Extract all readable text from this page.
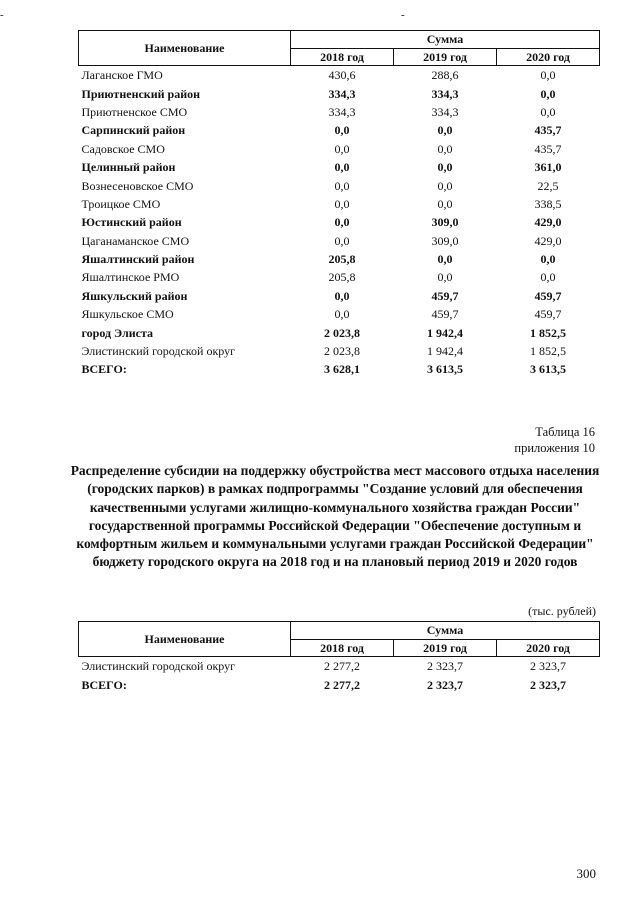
-	-
Наименование	Сумма		
	2018 год	2019 год	2020 год
Лаганское ГМО	430,6	288,6	0,0
Приютненский район	334,3	334,3	0,0
Приютненское СМО	334,3	334,3	0,0
Сарпинский район	0,0	0,0	435,7
Садовское СМО	0,0	0,0	435,7
Целинный район	0,0	0,0	361,0
Вознесеновское СМО	0,0	0,0	22,5
Троицкое СМО	0,0	0,0	338,5
Юстинский район	0,0	309,0	429,0
Цаганаманское СМО	0,0	309,0	429,0
Яшалтинский район	205,8	0,0	0,0
Яшалтинское РМО	205,8	0,0	0,0
Яшкульский район	0,0	459,7	459,7
Яшкульское СМО	0,0	459,7	459,7
город Элиста	2 023,8	1 942,4	1 852,5
Элистинский городской округ	2 023,8	1 942,4	1 852,5
ВСЕГО:	3 628,1	3 613,5	3 613,5
Таблица 16
приложения 10
Распределение субсидии на поддержку обустройства мест массового отдыха населения (городских парков) в рамках подпрограммы "Создание условий для обеспечения качественными услугами жилищно-коммунального хозяйства граждан России" государственной программы Российской Федерации "Обеспечение доступным и комфортным жильем и коммунальными услугами граждан Российской Федерации" бюджету городского округа на 2018 год и на плановый период 2019 и 2020 годов
(тыс. рублей)
Наименование	Сумма		
	2018 год	2019 год	2020 год
Элистинский городской округ	2 277,2	2 323,7	2 323,7
ВСЕГО:	2 277,2	2 323,7	2 323,7
300
